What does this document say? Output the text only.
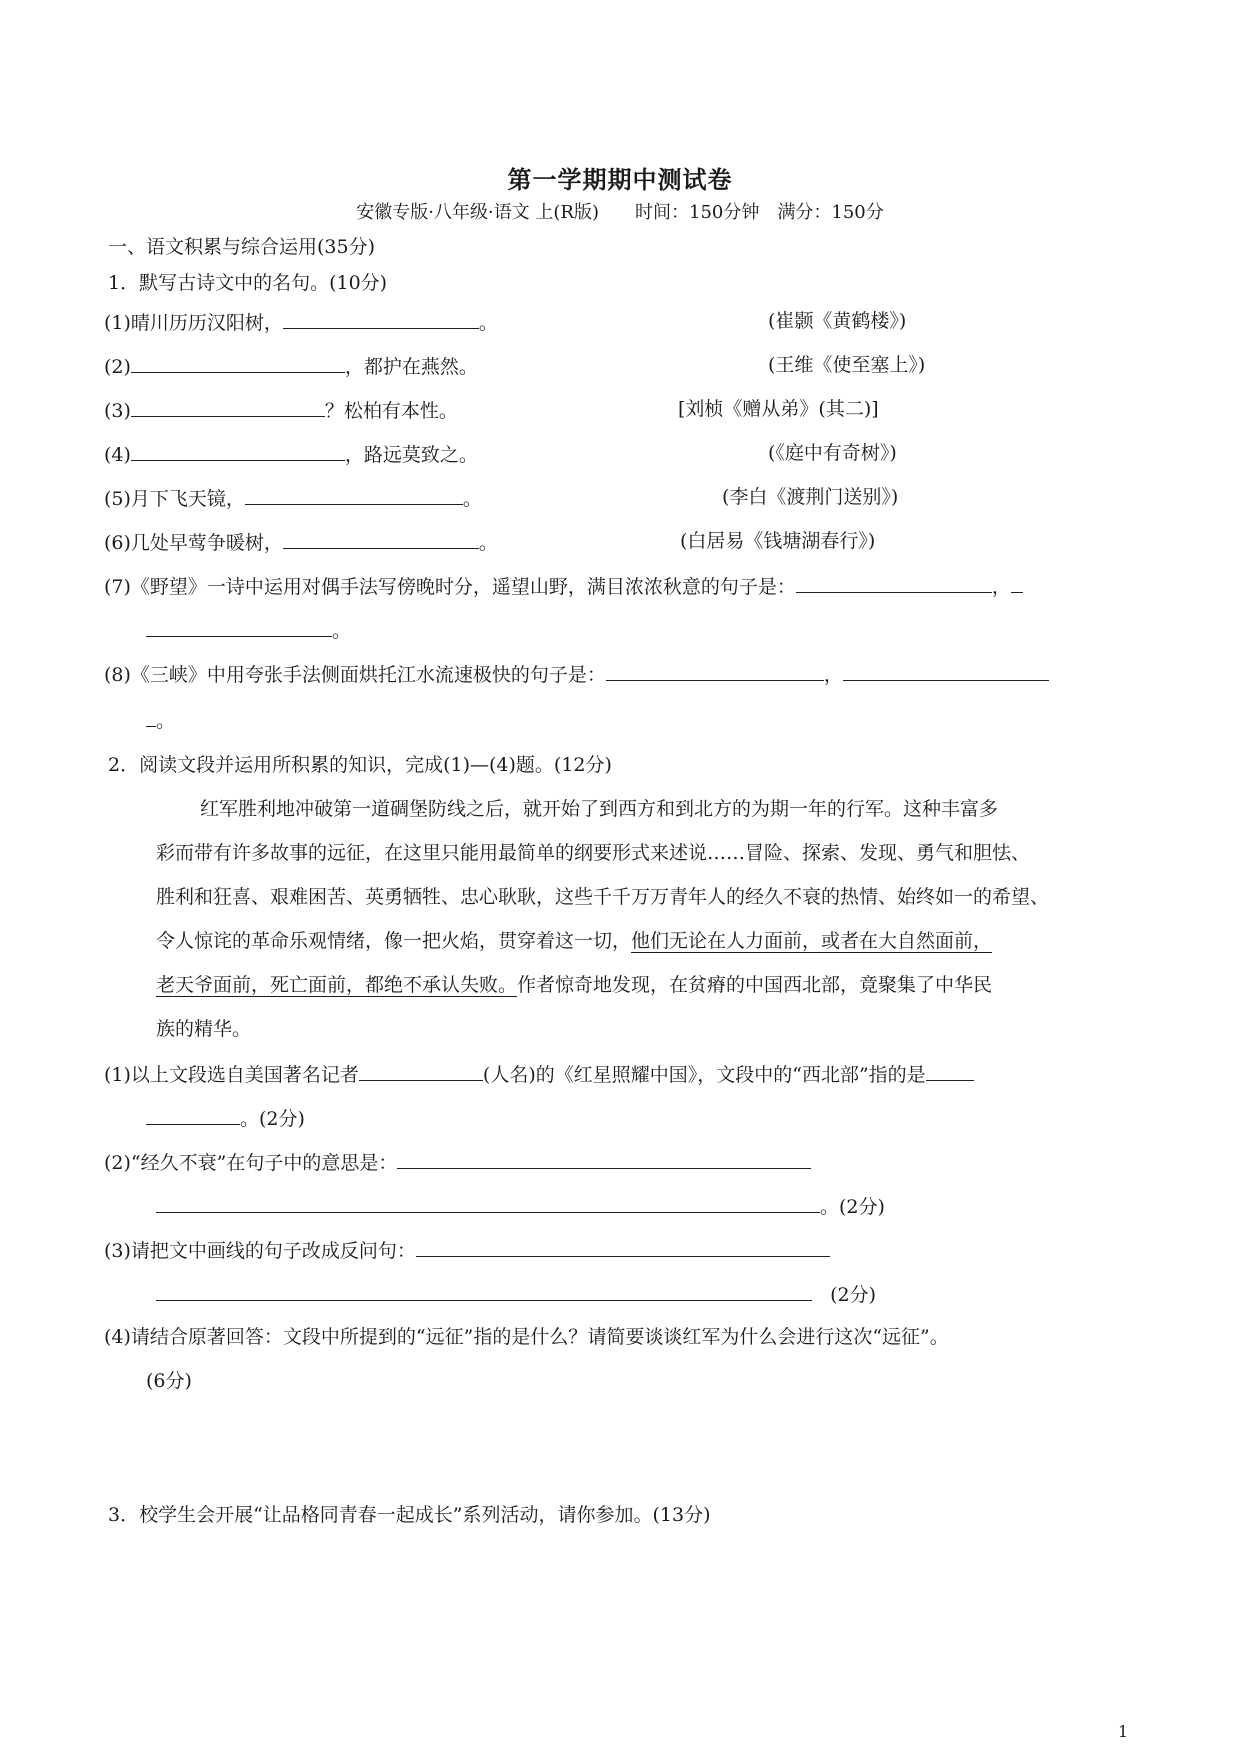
第一学期期中测试卷
安徽专版·八年级·语文 上(R版)　　时间：150分钟　满分：150分
一、语文积累与综合运用(35分)
1．默写古诗文中的名句。(10分)
(1)晴川历历汉阳树，	。	(崔颢《黄鹤楼》)
(2)	，都护在燕然。	(王维《使至塞上》)
(3)	？松柏有本性。	[刘桢《赠从弟》(其二)]
(4)	，路远莫致之。	(《庭中有奇树》)
(5)月下飞天镜，	。	(李白《渡荆门送别》)
(6)几处早莺争暖树，	。	(白居易《钱塘湖春行》)
(7)《野望》一诗中运用对偶手法写傍晚时分，遥望山野，满目浓浓秋意的句子是：	，
。
(8)《三峡》中用夸张手法侧面烘托江水流速极快的句子是：	，
。
2．阅读文段并运用所积累的知识，完成(1)—(4)题。(12分)
红军胜利地冲破第一道碉堡防线之后，就开始了到西方和到北方的为期一年的行军。这种丰富多
彩而带有许多故事的远征，在这里只能用最简单的纲要形式来述说……冒险、探索、发现、勇气和胆怯、
胜利和狂喜、艰难困苦、英勇牺牲、忠心耿耿，这些千千万万青年人的经久不衰的热情、始终如一的希望、
令人惊诧的革命乐观情绪，像一把火焰，贯穿着这一切，他们无论在人力面前，或者在大自然面前，
老天爷面前，死亡面前，都绝不承认失败。作者惊奇地发现，在贫瘠的中国西北部，竟聚集了中华民
族的精华。
(1)以上文段选自美国著名记者	(人名)的《红星照耀中国》，文段中的“西北部”指的是
。(2分)
(2)“经久不衰”在句子中的意思是：
。(2分)
(3)请把文中画线的句子改成反问句：
(2分)
(4)请结合原著回答：文段中所提到的“远征”指的是什么？请简要谈谈红军为什么会进行这次“远征”。
(6分)
3．校学生会开展“让品格同青春一起成长”系列活动，请你参加。(13分)
1
